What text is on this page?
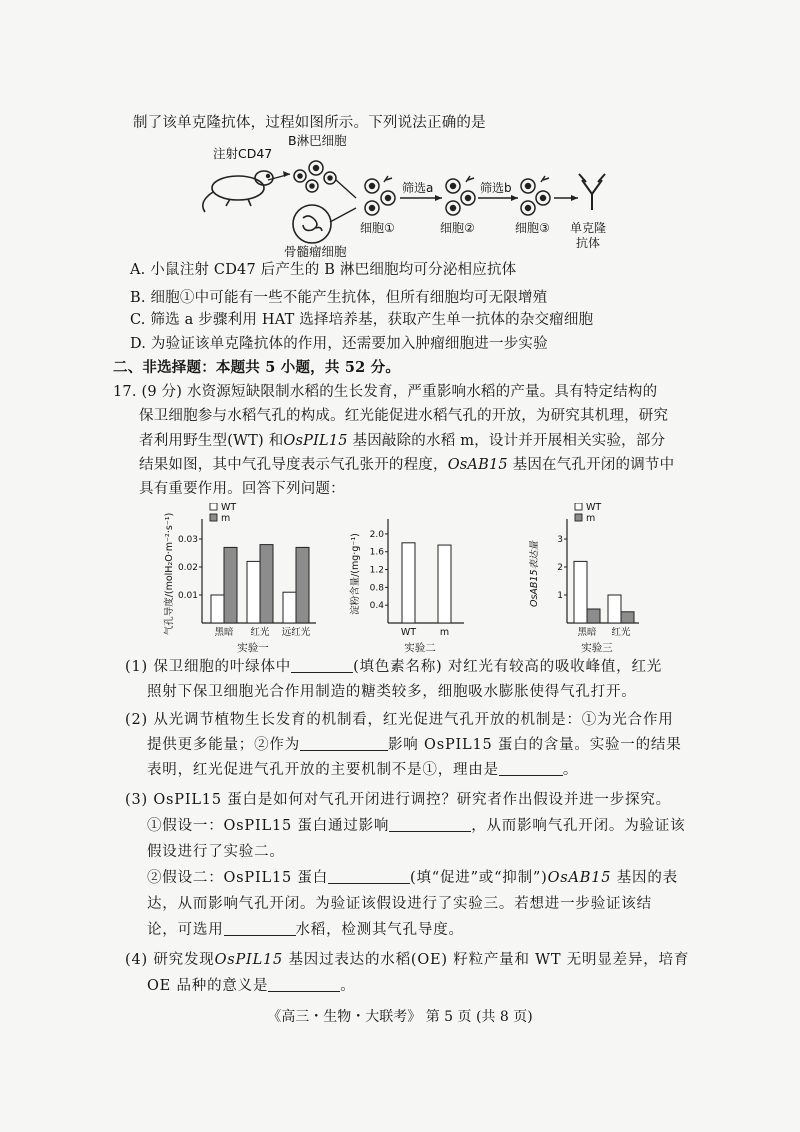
制了该单克隆抗体，过程如图所示。下列说法正确的是
注射CD47
B淋巴细胞
骨髓瘤细胞
筛选a	筛选b
细胞①	细胞②	细胞③ 单克隆
抗体
A. 小鼠注射 CD47 后产生的 B 淋巴细胞均可分泌相应抗体
B. 细胞①中可能有一些不能产生抗体，但所有细胞均可无限增殖
C. 筛选 a 步骤利用 HAT 选择培养基，获取产生单一抗体的杂交瘤细胞
D. 为验证该单克隆抗体的作用，还需要加入肿瘤细胞进一步实验
二、非选择题：本题共 5 小题，共 52 分。
17. (9 分) 水资源短缺限制水稻的生长发育，严重影响水稻的产量。具有特定结构的
保卫细胞参与水稻气孔的构成。红光能促进水稻气孔的开放，为研究其机理，研究
者利用野生型(WT) 和OsPIL15 基因敲除的水稻 m，设计并开展相关实验，部分
结果如图，其中气孔导度表示气孔张开的程度，OsAB15 基因在气孔开闭的调节中
具有重要作用。回答下列问题：
0.01
0.02
0.03
气孔导度/(molH₂O·m⁻²·s⁻¹)	黑暗 红光 远红光
实验一
WT
m
0.4
0.8
1.2
1.6
2.0
淀粉含量/(mg·g⁻¹)
WT	m
实验二
1
2
3
OsAB15表达量
黑暗 红光
实验三
WT
m
(1) 保卫细胞的叶绿体中	(填色素名称) 对红光有较高的吸收峰值，红光
照射下保卫细胞光合作用制造的糖类较多，细胞吸水膨胀使得气孔打开。
(2) 从光调节植物生长发育的机制看，红光促进气孔开放的机制是：①为光合作用
提供更多能量；②作为	影响 OsPIL15 蛋白的含量。实验一的结果
表明，红光促进气孔开放的主要机制不是①，理由是	。
(3) OsPIL15 蛋白是如何对气孔开闭进行调控？研究者作出假设并进一步探究。
①假设一：OsPIL15 蛋白通过影响	，从而影响气孔开闭。为验证该
假设进行了实验二。
②假设二：OsPIL15 蛋白	(填“促进”或“抑制”)OsAB15 基因的表
达，从而影响气孔开闭。为验证该假设进行了实验三。若想进一步验证该结
论，可选用	水稻，检测其气孔导度。
(4) 研究发现OsPIL15 基因过表达的水稻(OE) 籽粒产量和 WT 无明显差异，培育
OE 品种的意义是	。
《高三・生物・大联考》 第 5 页 (共 8 页)
